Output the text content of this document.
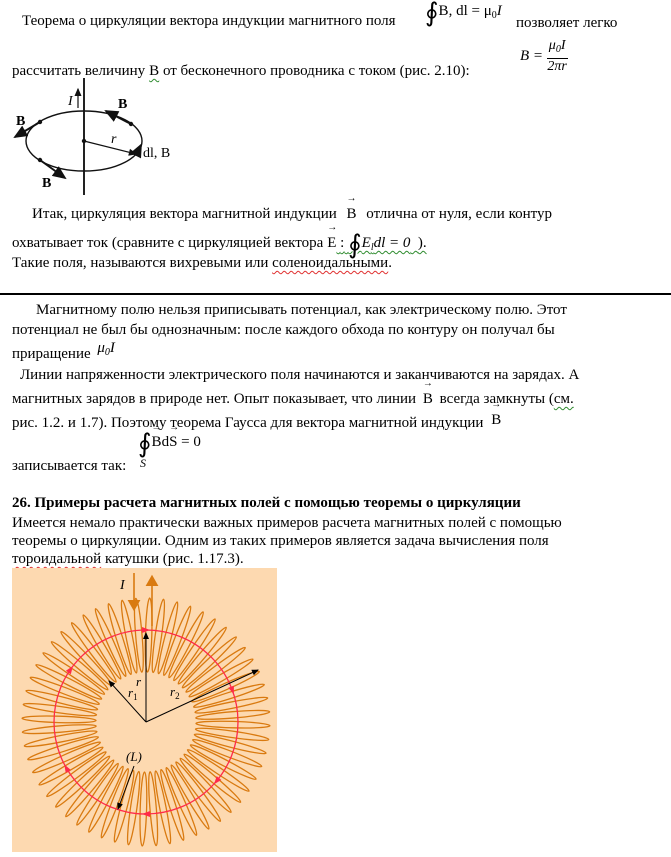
Теорема о циркуляции вектора индукции магнитного поля ∮→ B, $d\to l = \mu_0I$
позволяет легко
$B = \frac{\mu_0I}{2\pi r}$
рассчитать величину B от бесконечного проводника с током (рис. 2.10):
I	B
B
B
r
dl, B
Итак, циркуляция вектора магнитной индукции → B отлична от нуля, если контур
охватывает ток (сравните с циркуляцией вектора → E : $∮E_ldl = 0$ ).
Такие поля, называются вихревыми или соленоидальными.
Магнитному полю нельзя приписывать потенциал, как электрическому полю. Этот
потенциал не был бы однозначным: после каждого обхода по контуру он получал бы
приращение $\mu_0I$
Линии напряженности электрического поля начинаются и заканчиваются на зарядах. А
магнитных зарядов в природе нет. Опыт показывает, что линии → B всегда замкнуты (см.
рис. 1.2. и 1.7). Поэтому теорема Гаусса для вектора магнитной индукции → B
∮→ Bd→ S = 0
S
записывается так:
26. Примеры расчета магнитных полей с помощью теоремы о циркуляции
Имеется немало практически важных примеров расчета магнитных полей с помощью
теоремы о циркуляции. Одним из таких примеров является задача вычисления поля
тороидальной катушки (рис. 1.17.3).
I
r
$r_1$ $r_2$
(L)
